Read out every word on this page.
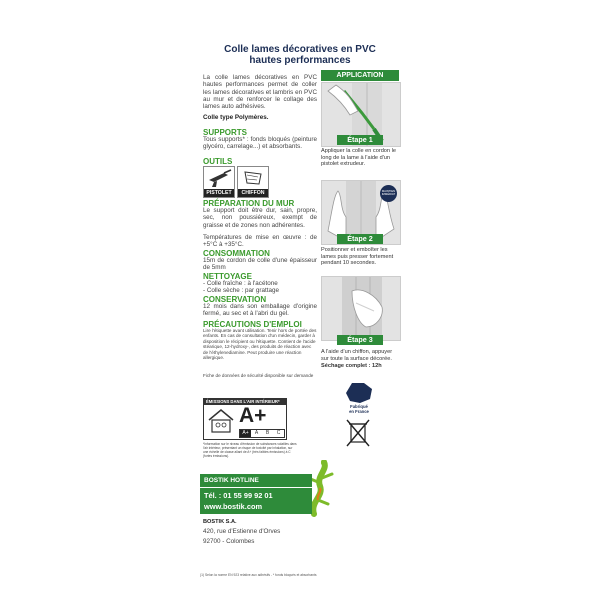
Colle lames décoratives en PVC
hautes performances
La colle lames décoratives en PVC hautes performances permet de coller les lames décoratives et lambris en PVC au mur et de renforcer le collage des lames auto adhésives.
Colle type Polymères.
SUPPORTS
Tous supports* : fonds bloqués (peinture glycéro, carrelage...) et absorbants.
OUTILS
PISTOLET	CHIFFON
PRÉPARATION DU MUR
Le support doit être dur, sain, propre, sec, non poussiéreux, exempt de graisse et de zones non adhérentes.
Températures de mise en œuvre : de +5°C à +35°C.
CONSOMMATION
15m de cordon de colle d'une épaisseur de 5mm
NETTOYAGE
- Colle fraîche : à l'acétone
- Colle sèche : par grattage
CONSERVATION
12 mois dans son emballage d'origine fermé, au sec et à l'abri du gel.
PRÉCAUTIONS D'EMPLOI
Lire l'étiquette avant utilisation. Tenir hors de portée des enfants. En cas de consultation d'un médecin, garder à disposition le récipient ou l'étiquette. Contient de l'acide stéarique, 12-hydroxy-, des produits de réaction avec de l'éthylenediamine. Peut produire une réaction allergique.
Fiche de données de sécurité disponible sur demande
ÉMISSIONS DANS L'AIR INTÉRIEUR*
A+
A+	A	B	C
*Information sur le niveau d'émission de substances volatiles dans l'air intérieur, présentant un risque de toxicité par inhalation, sur une échelle de classe allant de A+ (très faibles émissions) à C (fortes émissions).
BOSTIK HOTLINE
Tél. : 01 55 99 92 01
www.bostik.com
BOSTIK S.A.
420, rue d'Estienne d'Orves
92700 - Colombes
(1) Selon la norme EN 923 relative aux adhésifs - * fonds bloqués et absorbants
APPLICATION
Étape 1
Appliquer la colle en cordon le long de la lame à l'aide d'un pistolet extrudeur.
MAINTIEN IMMÉDIAT
Étape 2
Positionner et emboîter les lames puis presser fortement pendant 10 secondes.
Étape 3
A l'aide d'un chiffon, appuyer sur toute la surface décorée.
Séchage complet : 12h
Fabriqué
en France
